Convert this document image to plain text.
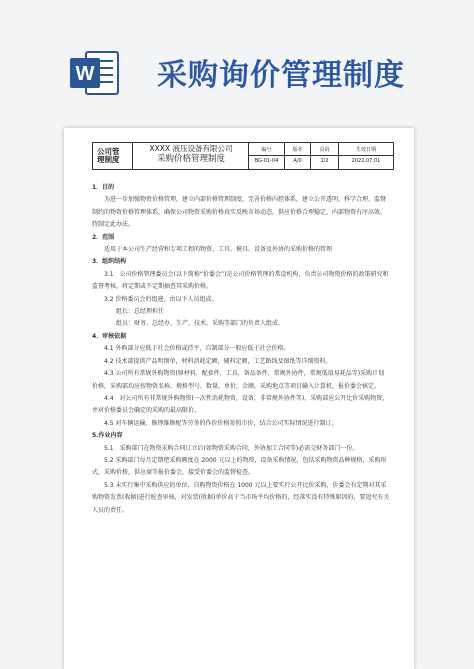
W 采购询价管理制度
公司管
理制度
XXXX 液压设备有限公司
采购价格管理制度
编号
BG-01-04
版本
A/0
页码
1/2
生效日期
2022.07.01

1．目的

为进一步加强物资价格管理，建立内部价格管理制度，完善价格内控体系，建立公开透明、科学合理、监督制约的物资价格管理体系，确保公司物资采购价格真实反映市场动态，供应价格合理稳定，内部物资有序高效，特制定此办法。

2．范围

适用于本公司生产经营和专项工程的物资、工具、模具、设备及外协的采购价格的管理

3．组织结构

3.1　公司价格管理委员会(以下简称“价委会”)是公司价格管理的常设机构，负责公司物资价格的政策研究和监督考核，将定期或不定期抽查其采购价格。

3.2 价格委员会的组建，由以下人员组成。

组长：总经理担任

组员：财务、总经办、生产、技术、采购等部门的负责人组成。

4．审核依据

4.1 外购部分应低于社会价格或持平，自制部分一般应低于社会价格。

4.2 技术部提供产品明细单，材料消耗定额，辅料定额，工艺路线及图纸等详细资料。

4.3 公司所有常规外购物资(原材料，配套件，工具，备品备件，常规外协件，常规低值易耗品等)采购计划价格，采购部均应按物资名称，规格型号，数量，单价，金额，采购地点等项目输入计算机，报价委会核定。

4.4　对公司所有非常规外购物资(一次性消耗物资，设备，非常规外协件等)，采购部应公开比价采购物资，并对价格委员会确定的采购的最高限价。

4.5 对车辆运输、修理维修配等劳务的作价价格参照市价，结合公司实际情况进行制订。

5.作业内容

5.1　采购部门在物资采购合同订立后(如物资采购合同，外协加工合同等)必需交财务部门一份。

5.2 采购部门每月定期把采购额度在 2000 元以上的物资，设备采购情况，包括采购物资品种规格，采购形式，采购价格，供应商等报价委会，接受价委会的监督检查。

5.3 未实行集中采购供应的单位，自购物资价格在 1000 元以上要实行公开比价采购，价委会有定期对其采购物资发票(收据)进行检查审核，对发票(收据)单价高于当市场平均价格的，经落实没有特殊原因的，要追究有关人员的责任。
